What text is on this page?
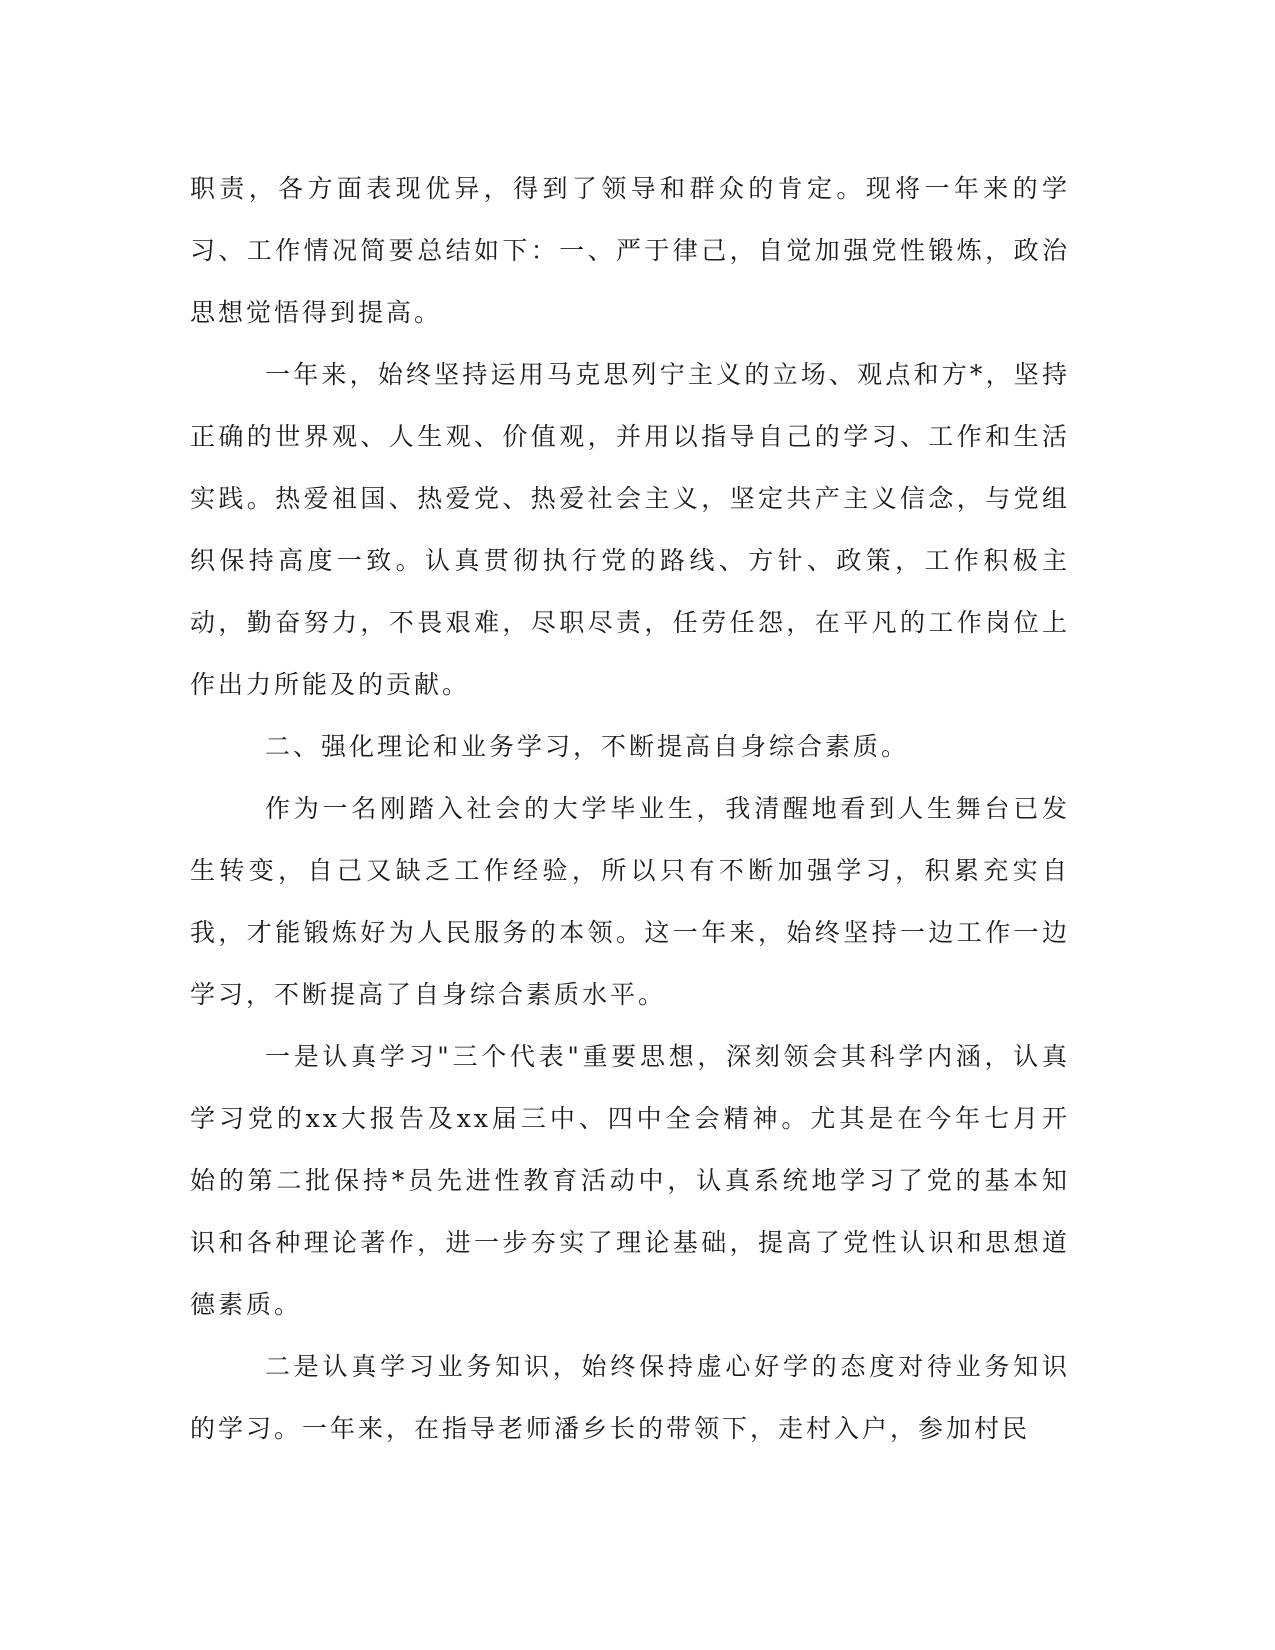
职责，各方面表现优异，得到了领导和群众的肯定。现将一年来的学习、工作情况简要总结如下：一、严于律己，自觉加强党性锻炼，政治思想觉悟得到提高。

一年来，始终坚持运用马克思列宁主义的立场、观点和方*，坚持正确的世界观、人生观、价值观，并用以指导自己的学习、工作和生活实践。热爱祖国、热爱党、热爱社会主义，坚定共产主义信念，与党组织保持高度一致。认真贯彻执行党的路线、方针、政策，工作积极主动，勤奋努力，不畏艰难，尽职尽责，任劳任怨，在平凡的工作岗位上作出力所能及的贡献。

二、强化理论和业务学习，不断提高自身综合素质。

作为一名刚踏入社会的大学毕业生，我清醒地看到人生舞台已发生转变，自己又缺乏工作经验，所以只有不断加强学习，积累充实自我，才能锻炼好为人民服务的本领。这一年来，始终坚持一边工作一边学习，不断提高了自身综合素质水平。

一是认真学习"三个代表"重要思想，深刻领会其科学内涵，认真学习党的xx大报告及xx届三中、四中全会精神。尤其是在今年七月开始的第二批保持*员先进性教育活动中，认真系统地学习了党的基本知识和各种理论著作，进一步夯实了理论基础，提高了党性认识和思想道德素质。

二是认真学习业务知识，始终保持虚心好学的态度对待业务知识的学习。一年来，在指导老师潘乡长的带领下，走村入户，参加村民
